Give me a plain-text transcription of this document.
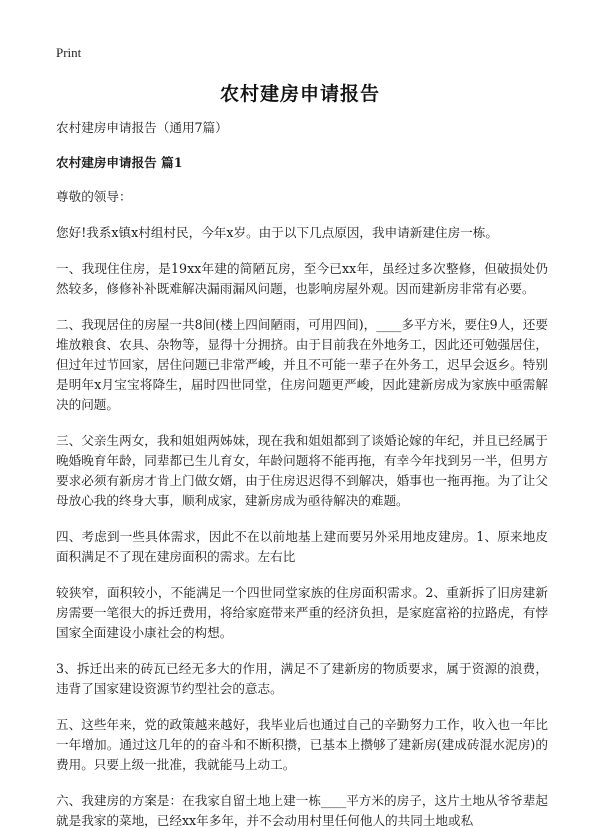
Print
农村建房申请报告

农村建房申请报告（通用7篇）

农村建房申请报告 篇1

尊敬的领导：

您好!我系x镇x村组村民，今年x岁。由于以下几点原因，我申请新建住房一栋。

一、我现住住房，是19xx年建的简陋瓦房，至今已xx年，虽经过多次整修，但破损处仍然较多，修修补补既难解决漏雨漏风问题，也影响房屋外观。因而建新房非常有必要。

二、我现居住的房屋一共8间(楼上四间陋雨，可用四间)，____多平方米，要住9人，还要堆放粮食、农具、杂物等，显得十分拥挤。由于目前我在外地务工，因此还可勉强居住，但过年过节回家，居住问题已非常严峻，并且不可能一辈子在外务工，迟早会返乡。特别是明年x月宝宝将降生，届时四世同堂，住房问题更严峻，因此建新房成为家族中亟需解决的问题。

三、父亲生两女，我和姐姐两姊妹，现在我和姐姐都到了谈婚论嫁的年纪，并且已经属于晚婚晚育年龄，同辈都已生儿育女，年龄问题将不能再拖，有幸今年找到另一半，但男方要求必须有新房才肯上门做女婿，由于住房迟迟得不到解决，婚事也一拖再拖。为了让父母放心我的终身大事，顺利成家，建新房成为亟待解决的难题。

四、考虑到一些具体需求，因此不在以前地基上建而要另外采用地皮建房。1、原来地皮面积满足不了现在建房面积的需求。左右比

较狭窄，面积较小，不能满足一个四世同堂家族的住房面积需求。2、重新拆了旧房建新房需要一笔很大的拆迁费用，将给家庭带来严重的经济负担，是家庭富裕的拉路虎，有悖国家全面建设小康社会的构想。

3、拆迁出来的砖瓦已经无多大的作用，满足不了建新房的物质要求，属于资源的浪费，违背了国家建设资源节约型社会的意志。

五、这些年来，党的政策越来越好，我毕业后也通过自己的辛勤努力工作，收入也一年比一年增加。通过这几年的的奋斗和不断积攒，已基本上攒够了建新房(建成砖混水泥房)的费用。只要上级一批准，我就能马上动工。

六、我建房的方案是：在我家自留土地上建一栋____平方米的房子，这片土地从爷爷辈起就是我家的菜地，已经xx年多年，并不会动用村里任何他人的共同土地或私
